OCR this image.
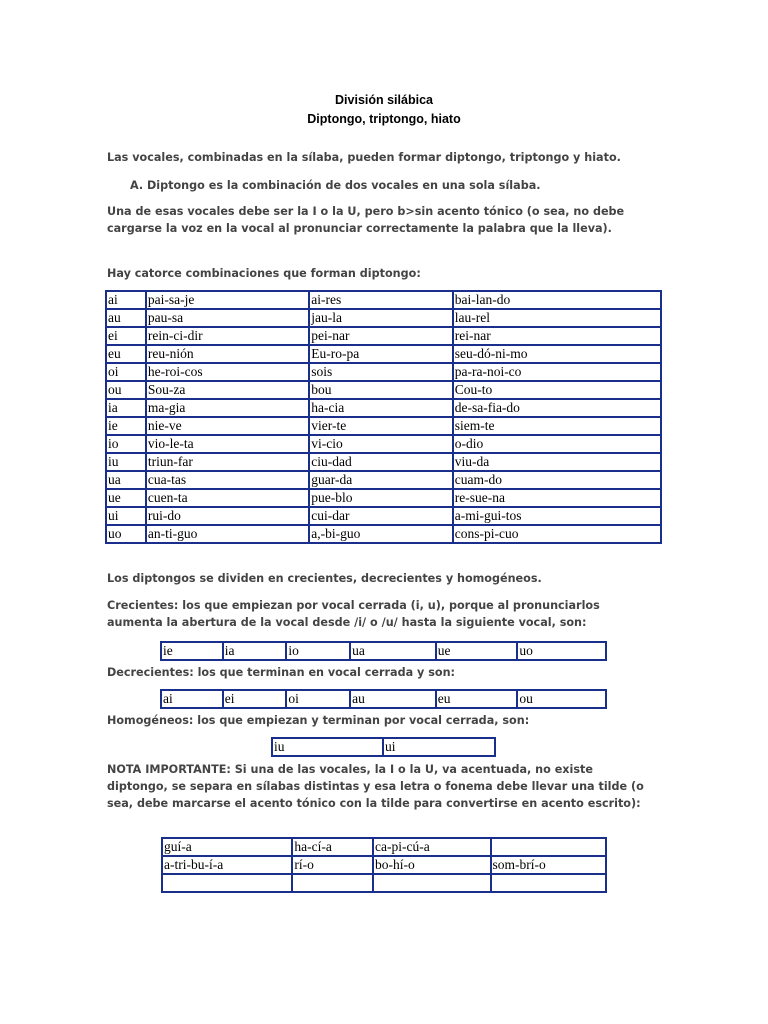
División silábica
Diptongo, triptongo, hiato
Las vocales, combinadas en la sílaba, pueden formar diptongo, triptongo y hiato.
A. Diptongo es la combinación de dos vocales en una sola sílaba.
Una de esas vocales debe ser la I o la U, pero b>sin acento tónico (o sea, no debe cargarse la voz en la vocal al pronunciar correctamente la palabra que la lleva).
Hay catorce combinaciones que forman diptongo:
ai	pai-sa-je	ai-res	bai-lan-do
au	pau-sa	jau-la	lau-rel
ei	rein-ci-dir	pei-nar	rei-nar
eu	reu-nión	Eu-ro-pa	seu-dó-ni-mo
oi	he-roi-cos	sois	pa-ra-noi-co
ou	Sou-za	bou	Cou-to
ia	ma-gia	ha-cia	de-sa-fia-do
ie	nie-ve	vier-te	siem-te
io	vio-le-ta	vi-cio	o-dio
iu	triun-far	ciu-dad	viu-da
ua	cua-tas	guar-da	cuam-do
ue	cuen-ta	pue-blo	re-sue-na
ui	rui-do	cui-dar	a-mi-gui-tos
uo	an-ti-guo	a,-bi-guo	cons-pi-cuo
Los diptongos se dividen en crecientes, decrecientes y homogéneos.
Crecientes: los que empiezan por vocal cerrada (i, u), porque al pronunciarlos aumenta la abertura de la vocal desde /i/ o /u/ hasta la siguiente vocal, son:
ie	ia	io	ua	ue	uo
Decrecientes: los que terminan en vocal cerrada y son:
ai	ei	oi	au	eu	ou
Homogéneos: los que empiezan y terminan por vocal cerrada, son:
iu	ui
NOTA IMPORTANTE: Si una de las vocales, la I o la U, va acentuada, no existe diptongo, se separa en sílabas distintas y esa letra o fonema debe llevar una tilde (o sea, debe marcarse el acento tónico con la tilde para convertirse en acento escrito):
guí-a	ha-cí-a	ca-pi-cú-a	
a-tri-bu-í-a	rí-o	bo-hí-o	som-brí-o
